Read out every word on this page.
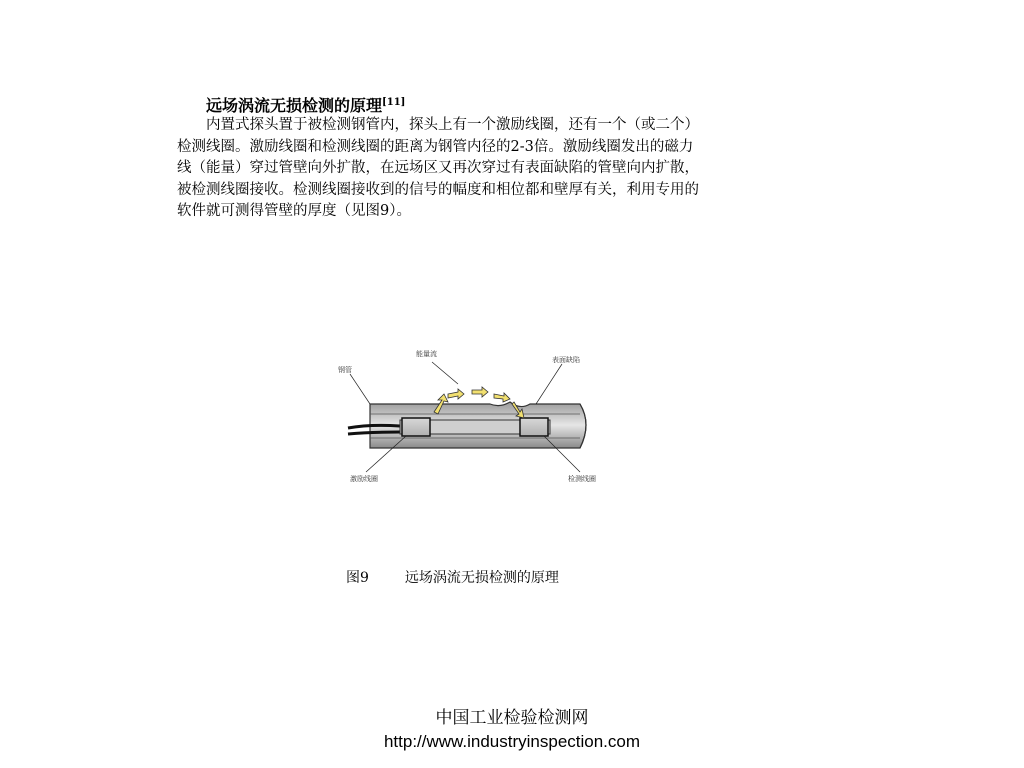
远场涡流无损检测的原理[11]
内置式探头置于被检测钢管内，探头上有一个激励线圈，还有一个（或二个）
检测线圈。激励线圈和检测线圈的距离为钢管内径的2-3倍。激励线圈发出的磁力
线（能量）穿过管壁向外扩散，在远场区又再次穿过有表面缺陷的管壁向内扩散，
被检测线圈接收。检测线圈接收到的信号的幅度和相位都和壁厚有关，利用专用的
软件就可测得管壁的厚度（见图9）。
钢管
能量流
表面缺陷
激励线圈	检测线圈
图9	远场涡流无损检测的原理
中国工业检验检测网
http://www.industryinspection.com
